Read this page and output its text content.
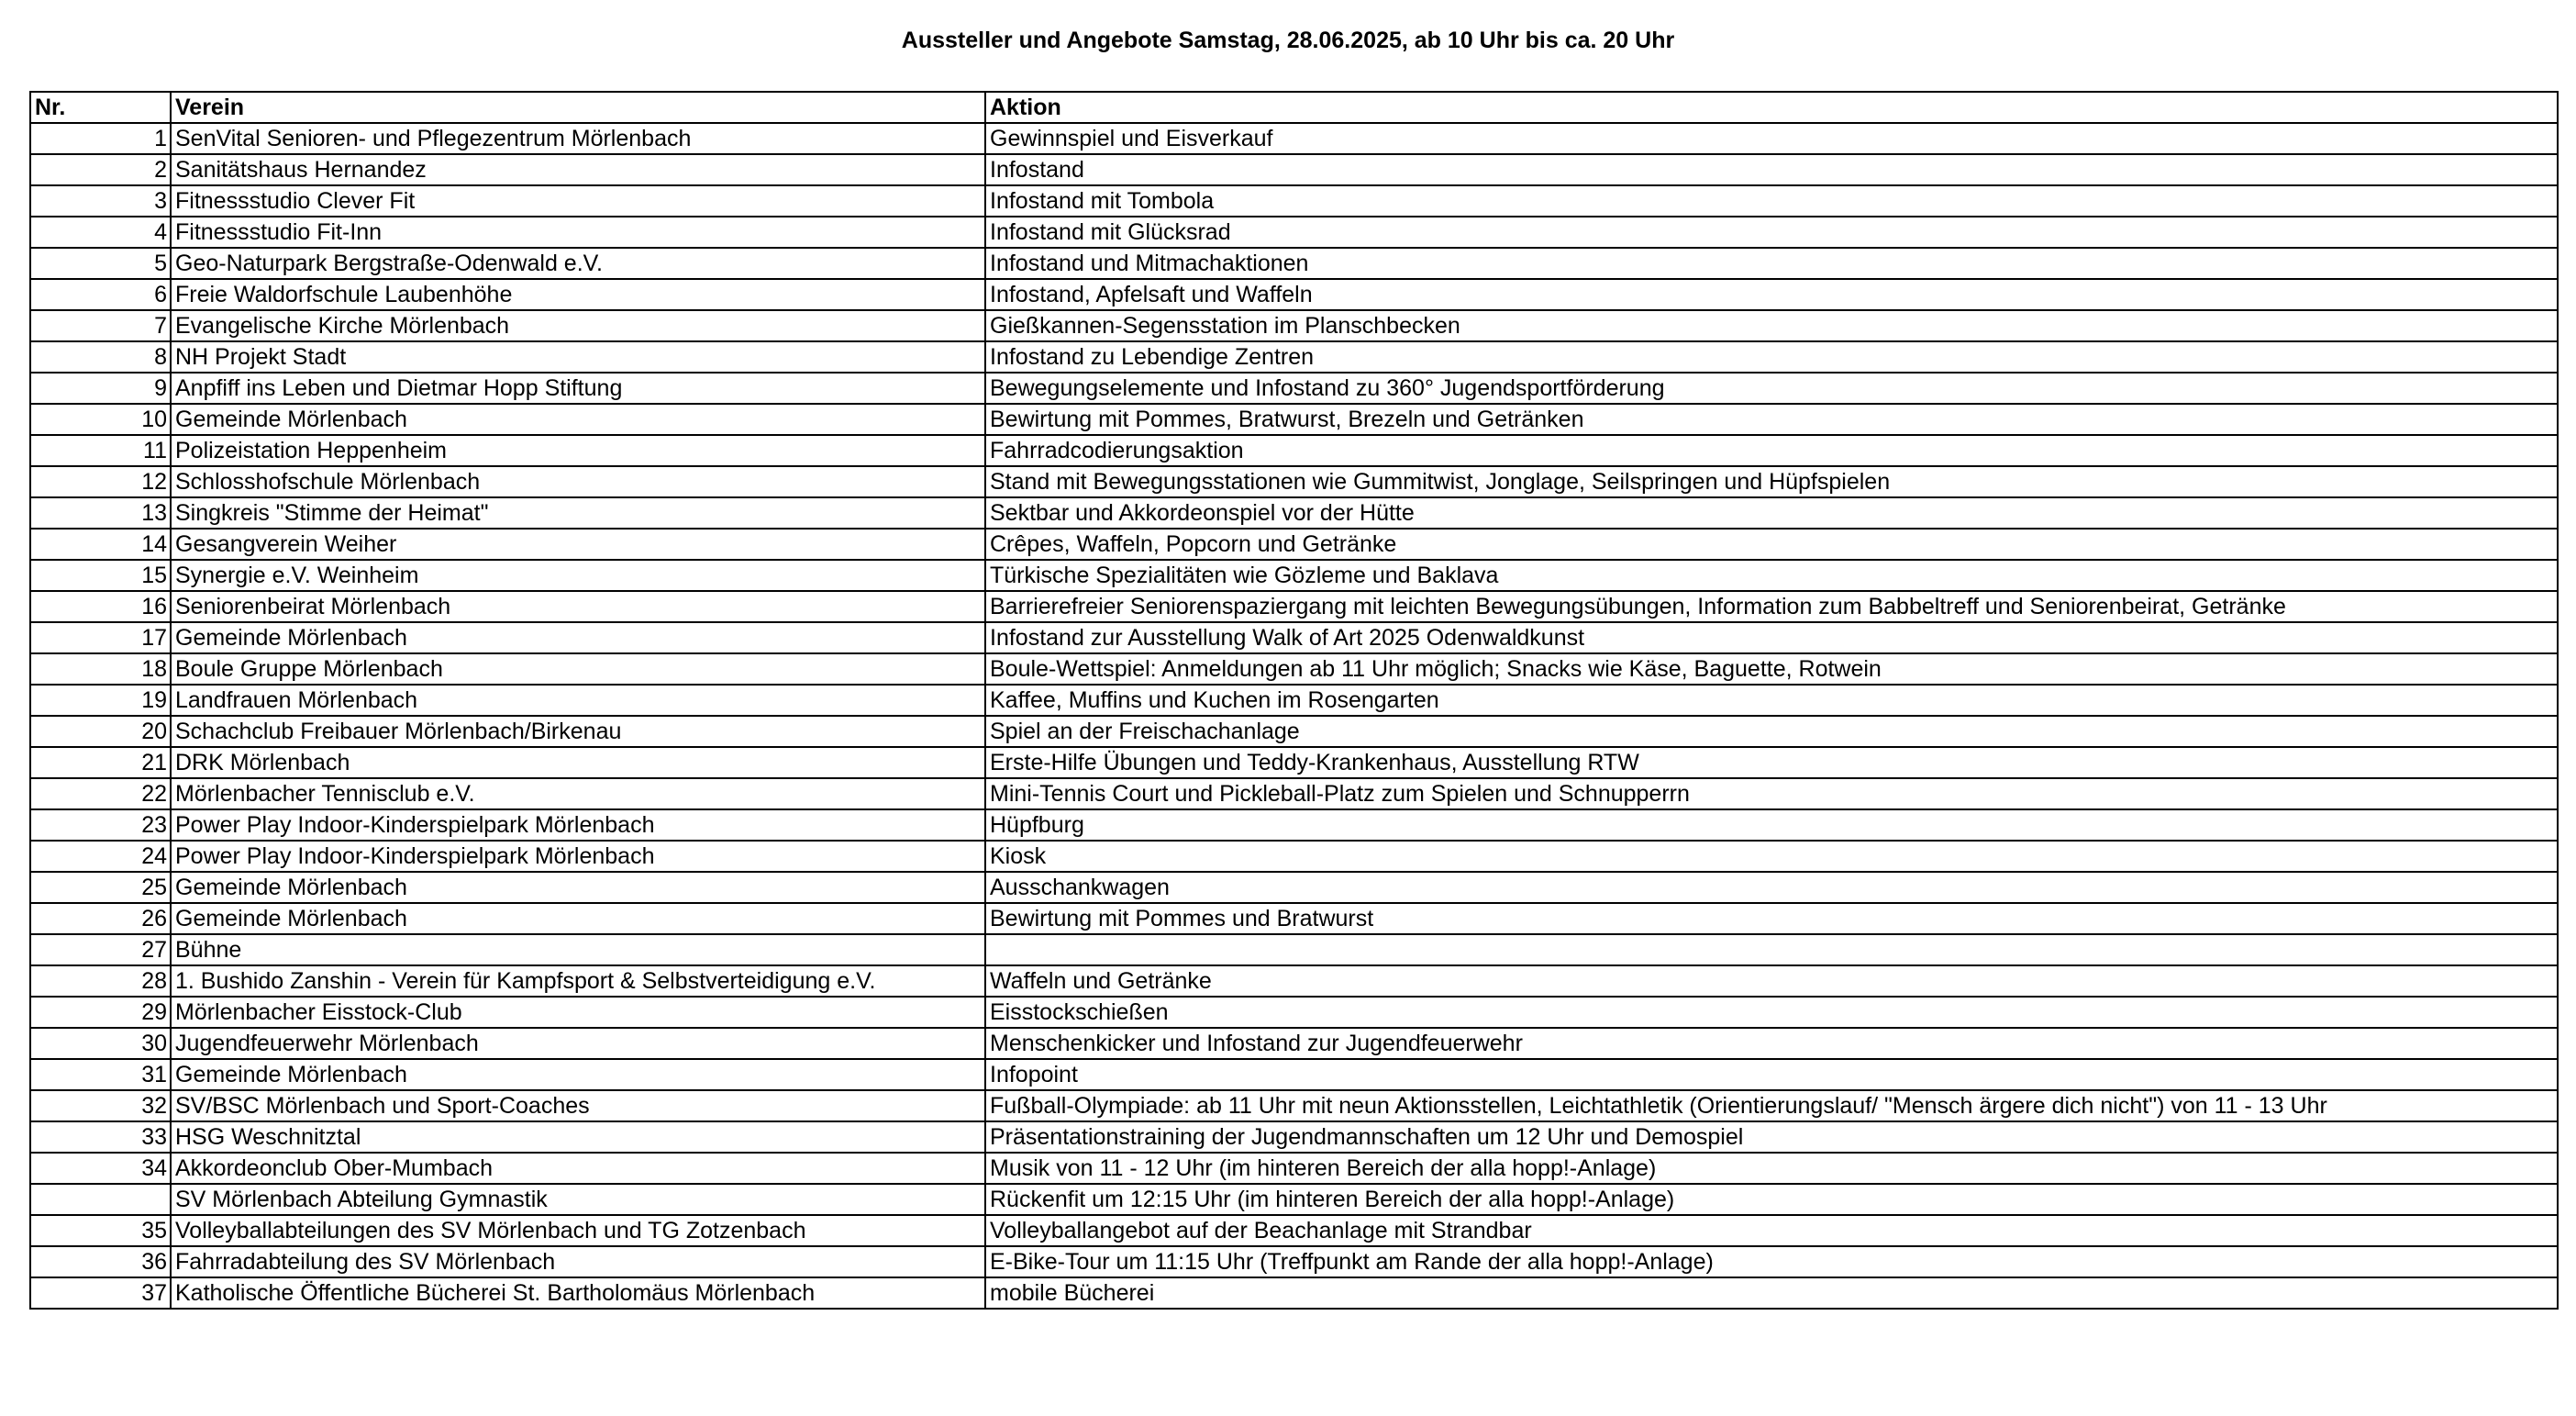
Aussteller und Angebote Samstag, 28.06.2025, ab 10 Uhr bis ca. 20 Uhr
Nr.	Verein	Aktion
1	SenVital Senioren- und Pflegezentrum Mörlenbach	Gewinnspiel und Eisverkauf
2	Sanitätshaus Hernandez	Infostand
3	Fitnessstudio Clever Fit	Infostand mit Tombola
4	Fitnessstudio Fit-Inn	Infostand mit Glücksrad
5	Geo-Naturpark Bergstraße-Odenwald e.V.	Infostand und Mitmachaktionen
6	Freie Waldorfschule Laubenhöhe	Infostand, Apfelsaft und Waffeln
7	Evangelische Kirche Mörlenbach	Gießkannen-Segensstation im Planschbecken
8	NH Projekt Stadt	Infostand zu Lebendige Zentren
9	Anpfiff ins Leben und Dietmar Hopp Stiftung	Bewegungselemente und Infostand zu 360° Jugendsportförderung
10	Gemeinde Mörlenbach	Bewirtung mit Pommes, Bratwurst, Brezeln und Getränken
11	Polizeistation Heppenheim	Fahrradcodierungsaktion
12	Schlosshofschule Mörlenbach	Stand mit Bewegungsstationen wie Gummitwist, Jonglage, Seilspringen und Hüpfspielen
13	Singkreis "Stimme der Heimat"	Sektbar und Akkordeonspiel vor der Hütte
14	Gesangverein Weiher	Crêpes, Waffeln, Popcorn und Getränke
15	Synergie e.V. Weinheim	Türkische Spezialitäten wie Gözleme und Baklava
16	Seniorenbeirat Mörlenbach	Barrierefreier Seniorenspaziergang mit leichten Bewegungsübungen, Information zum Babbeltreff und Seniorenbeirat, Getränke
17	Gemeinde Mörlenbach	Infostand zur Ausstellung Walk of Art 2025 Odenwaldkunst
18	Boule Gruppe Mörlenbach	Boule-Wettspiel: Anmeldungen ab 11 Uhr möglich; Snacks wie Käse, Baguette, Rotwein
19	Landfrauen Mörlenbach	Kaffee, Muffins und Kuchen im Rosengarten
20	Schachclub Freibauer Mörlenbach/Birkenau	Spiel an der Freischachanlage
21	DRK Mörlenbach	Erste-Hilfe Übungen und Teddy-Krankenhaus, Ausstellung RTW
22	Mörlenbacher Tennisclub e.V.	Mini-Tennis Court und Pickleball-Platz zum Spielen und Schnupperrn
23	Power Play Indoor-Kinderspielpark Mörlenbach	Hüpfburg
24	Power Play Indoor-Kinderspielpark Mörlenbach	Kiosk
25	Gemeinde Mörlenbach	Ausschankwagen
26	Gemeinde Mörlenbach	Bewirtung mit Pommes und Bratwurst
27	Bühne	
28	1. Bushido Zanshin - Verein für Kampfsport & Selbstverteidigung e.V.	Waffeln und Getränke
29	Mörlenbacher Eisstock-Club	Eisstockschießen
30	Jugendfeuerwehr Mörlenbach	Menschenkicker und Infostand zur Jugendfeuerwehr
31	Gemeinde Mörlenbach	Infopoint
32	SV/BSC Mörlenbach und Sport-Coaches	Fußball-Olympiade: ab 11 Uhr mit neun Aktionsstellen, Leichtathletik (Orientierungslauf/ "Mensch ärgere dich nicht") von 11 - 13 Uhr
33	HSG Weschnitztal	Präsentationstraining der Jugendmannschaften um 12 Uhr und Demospiel
34	Akkordeonclub Ober-Mumbach	Musik von 11 - 12 Uhr (im hinteren Bereich der alla hopp!-Anlage)
	SV Mörlenbach Abteilung Gymnastik	Rückenfit um 12:15 Uhr (im hinteren Bereich der alla hopp!-Anlage)
35	Volleyballabteilungen des SV Mörlenbach und TG Zotzenbach	Volleyballangebot auf der Beachanlage mit Strandbar
36	Fahrradabteilung des SV Mörlenbach	E-Bike-Tour um 11:15 Uhr (Treffpunkt am Rande der alla hopp!-Anlage)
37	Katholische Öffentliche Bücherei St. Bartholomäus Mörlenbach	mobile Bücherei
